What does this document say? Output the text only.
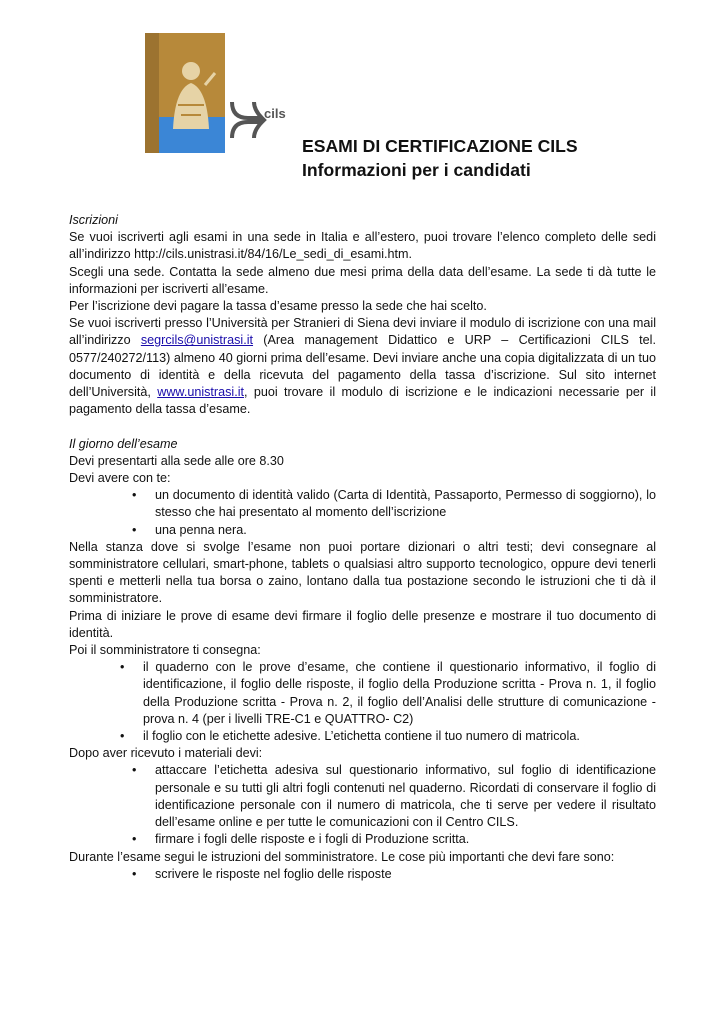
cils

ESAMI DI CERTIFICAZIONE CILS

Informazioni per i candidati

Iscrizioni

Se vuoi iscriverti agli esami in una sede in Italia e all’estero, puoi trovare l’elenco completo delle sedi all’indirizzo http://cils.unistrasi.it/84/16/Le_sedi_di_esami.htm.

Scegli una sede. Contatta la sede almeno due mesi prima della data dell’esame. La sede ti dà tutte le informazioni per iscriverti all’esame.

Per l’iscrizione devi pagare la tassa d’esame presso la sede che hai scelto.

Se vuoi iscriverti presso l’Università per Stranieri di Siena devi inviare il modulo di iscrizione con una mail all’indirizzo segrcils@unistrasi.it (Area management Didattico e URP – Certificazioni CILS tel. 0577/240272/113) almeno 40 giorni prima dell’esame. Devi inviare anche una copia digitalizzata di un tuo documento di identità e della ricevuta del pagamento della tassa d’iscrizione. Sul sito internet dell’Università, www.unistrasi.it, puoi trovare il modulo di iscrizione e le indicazioni necessarie per il pagamento della tassa d’esame.

Il giorno dell’esame

Devi presentarti alla sede alle ore 8.30

Devi avere con te:

• un documento di identità valido (Carta di Identità, Passaporto, Permesso di soggiorno), lo stesso che hai presentato al momento dell’iscrizione
• una penna nera.

Nella stanza dove si svolge l’esame non puoi portare dizionari o altri testi; devi consegnare al somministratore cellulari, smart-phone, tablets o qualsiasi altro supporto tecnologico, oppure devi tenerli spenti e metterli nella tua borsa o zaino, lontano dalla tua postazione secondo le istruzioni che ti dà il somministratore.

Prima di iniziare le prove di esame devi firmare il foglio delle presenze e mostrare il tuo documento di identità.

Poi il somministratore ti consegna:

• il quaderno con le prove d’esame, che contiene il questionario informativo, il foglio di identificazione, il foglio delle risposte, il foglio della Produzione scritta - Prova n. 1, il foglio della Produzione scritta - Prova n. 2, il foglio dell’Analisi delle strutture di comunicazione - prova n. 4 (per i livelli TRE-C1 e QUATTRO- C2)
• il foglio con le etichette adesive. L’etichetta contiene il tuo numero di matricola.

Dopo aver ricevuto i materiali devi:

• attaccare l’etichetta adesiva sul questionario informativo, sul foglio di identificazione personale e su tutti gli altri fogli contenuti nel quaderno. Ricordati di conservare il foglio di identificazione personale con il numero di matricola, che ti serve per vedere il risultato dell’esame online e per tutte le comunicazioni con il Centro CILS.
• firmare i fogli delle risposte e i fogli di Produzione scritta.

Durante l’esame segui le istruzioni del somministratore. Le cose più importanti che devi fare sono:

• scrivere le risposte nel foglio delle risposte
